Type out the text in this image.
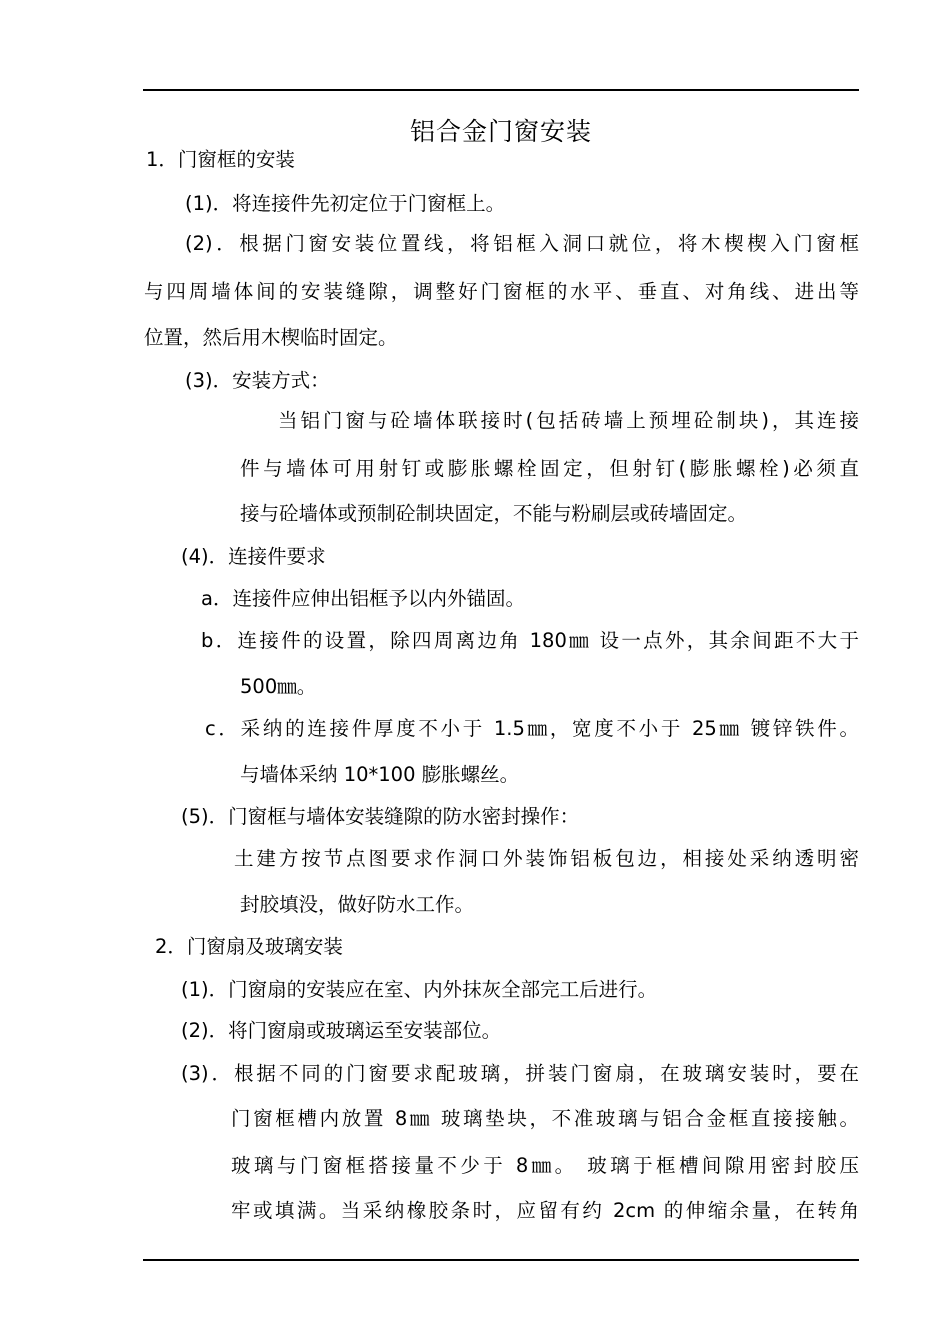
铝合金门窗安装
1．门窗框的安装
(1)．将连接件先初定位于门窗框上。
(2)．根据门窗安装位置线，将铝框入洞口就位，将木楔楔入门窗框
与四周墙体间的安装缝隙，调整好门窗框的水平、垂直、对角线、进出等
位置，然后用木楔临时固定。
(3)．安装方式：
当铝门窗与砼墙体联接时(包括砖墙上预埋砼制块)，其连接
件与墙体可用射钉或膨胀螺栓固定，但射钉(膨胀螺栓)必须直
接与砼墙体或预制砼制块固定，不能与粉刷层或砖墙固定。
(4)．连接件要求
a．连接件应伸出铝框予以内外锚固。
b．连接件的设置，除四周离边角 180㎜ 设一点外，其余间距不大于
500㎜。
c．采纳的连接件厚度不小于 1.5㎜，宽度不小于 25㎜ 镀锌铁件。
与墙体采纳 10*100 膨胀螺丝。
(5)．门窗框与墙体安装缝隙的防水密封操作：
土建方按节点图要求作洞口外装饰铝板包边，相接处采纳透明密
封胶填没，做好防水工作。
2．门窗扇及玻璃安装
(1)．门窗扇的安装应在室、内外抹灰全部完工后进行。
(2)．将门窗扇或玻璃运至安装部位。
(3)．根据不同的门窗要求配玻璃，拼装门窗扇，在玻璃安装时，要在
门窗框槽内放置 8㎜ 玻璃垫块，不准玻璃与铝合金框直接接触。
玻璃与门窗框搭接量不少于 8㎜。 玻璃于框槽间隙用密封胶压
牢或填满。当采纳橡胶条时，应留有约 2cm 的伸缩余量，在转角
